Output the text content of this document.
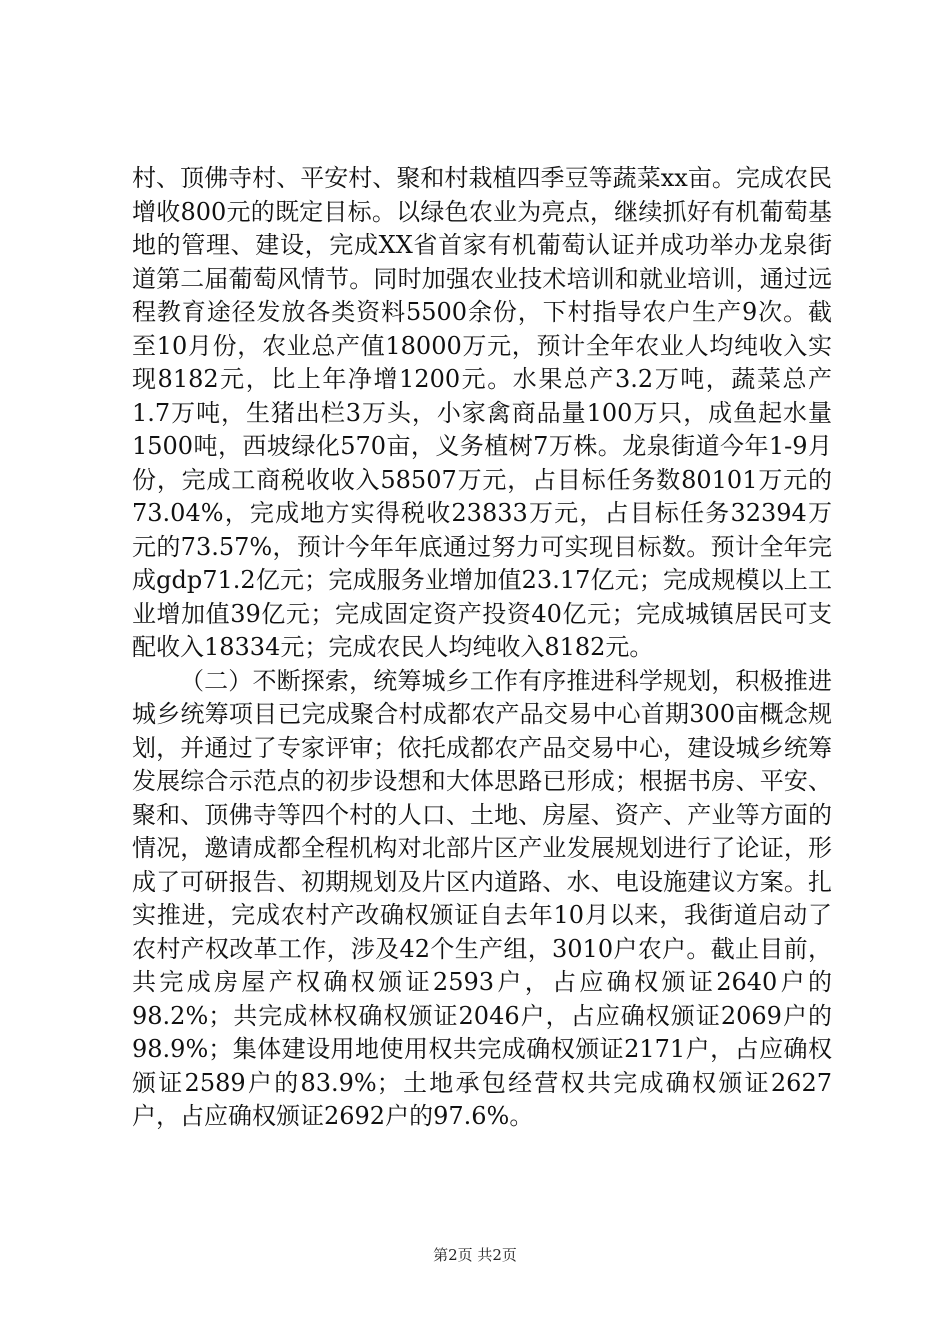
村、顶佛寺村、平安村、聚和村栽植四季豆等蔬菜xx亩。完成农民增收800元的既定目标。以绿色农业为亮点，继续抓好有机葡萄基地的管理、建设，完成XX省首家有机葡萄认证并成功举办龙泉街道第二届葡萄风情节。同时加强农业技术培训和就业培训，通过远程教育途径发放各类资料5500余份，下村指导农户生产9次。截至10月份，农业总产值18000万元，预计全年农业人均纯收入实现8182元，比上年净增1200元。水果总产3.2万吨，蔬菜总产1.7万吨，生猪出栏3万头，小家禽商品量100万只，成鱼起水量1500吨，西坡绿化570亩，义务植树7万株。龙泉街道今年1-9月份，完成工商税收收入58507万元，占目标任务数80101万元的73.04%，完成地方实得税收23833万元，占目标任务32394万元的73.57%，预计今年年底通过努力可实现目标数。预计全年完成gdp71.2亿元；完成服务业增加值23.17亿元；完成规模以上工业增加值39亿元；完成固定资产投资40亿元；完成城镇居民可支配收入18334元；完成农民人均纯收入8182元。

（二）不断探索，统筹城乡工作有序推进科学规划，积极推进城乡统筹项目已完成聚合村成都农产品交易中心首期300亩概念规划，并通过了专家评审；依托成都农产品交易中心，建设城乡统筹发展综合示范点的初步设想和大体思路已形成；根据书房、平安、聚和、顶佛寺等四个村的人口、土地、房屋、资产、产业等方面的情况，邀请成都全程机构对北部片区产业发展规划进行了论证，形成了可研报告、初期规划及片区内道路、水、电设施建议方案。扎实推进，完成农村产改确权颁证自去年10月以来，我街道启动了农村产权改革工作，涉及42个生产组，3010户农户。截止目前，共完成房屋产权确权颁证2593户，占应确权颁证2640户的98.2%；共完成林权确权颁证2046户，占应确权颁证2069户的98.9%；集体建设用地使用权共完成确权颁证2171户，占应确权颁证2589户的83.9%；土地承包经营权共完成确权颁证2627户，占应确权颁证2692户的97.6%。

第2页 共2页
